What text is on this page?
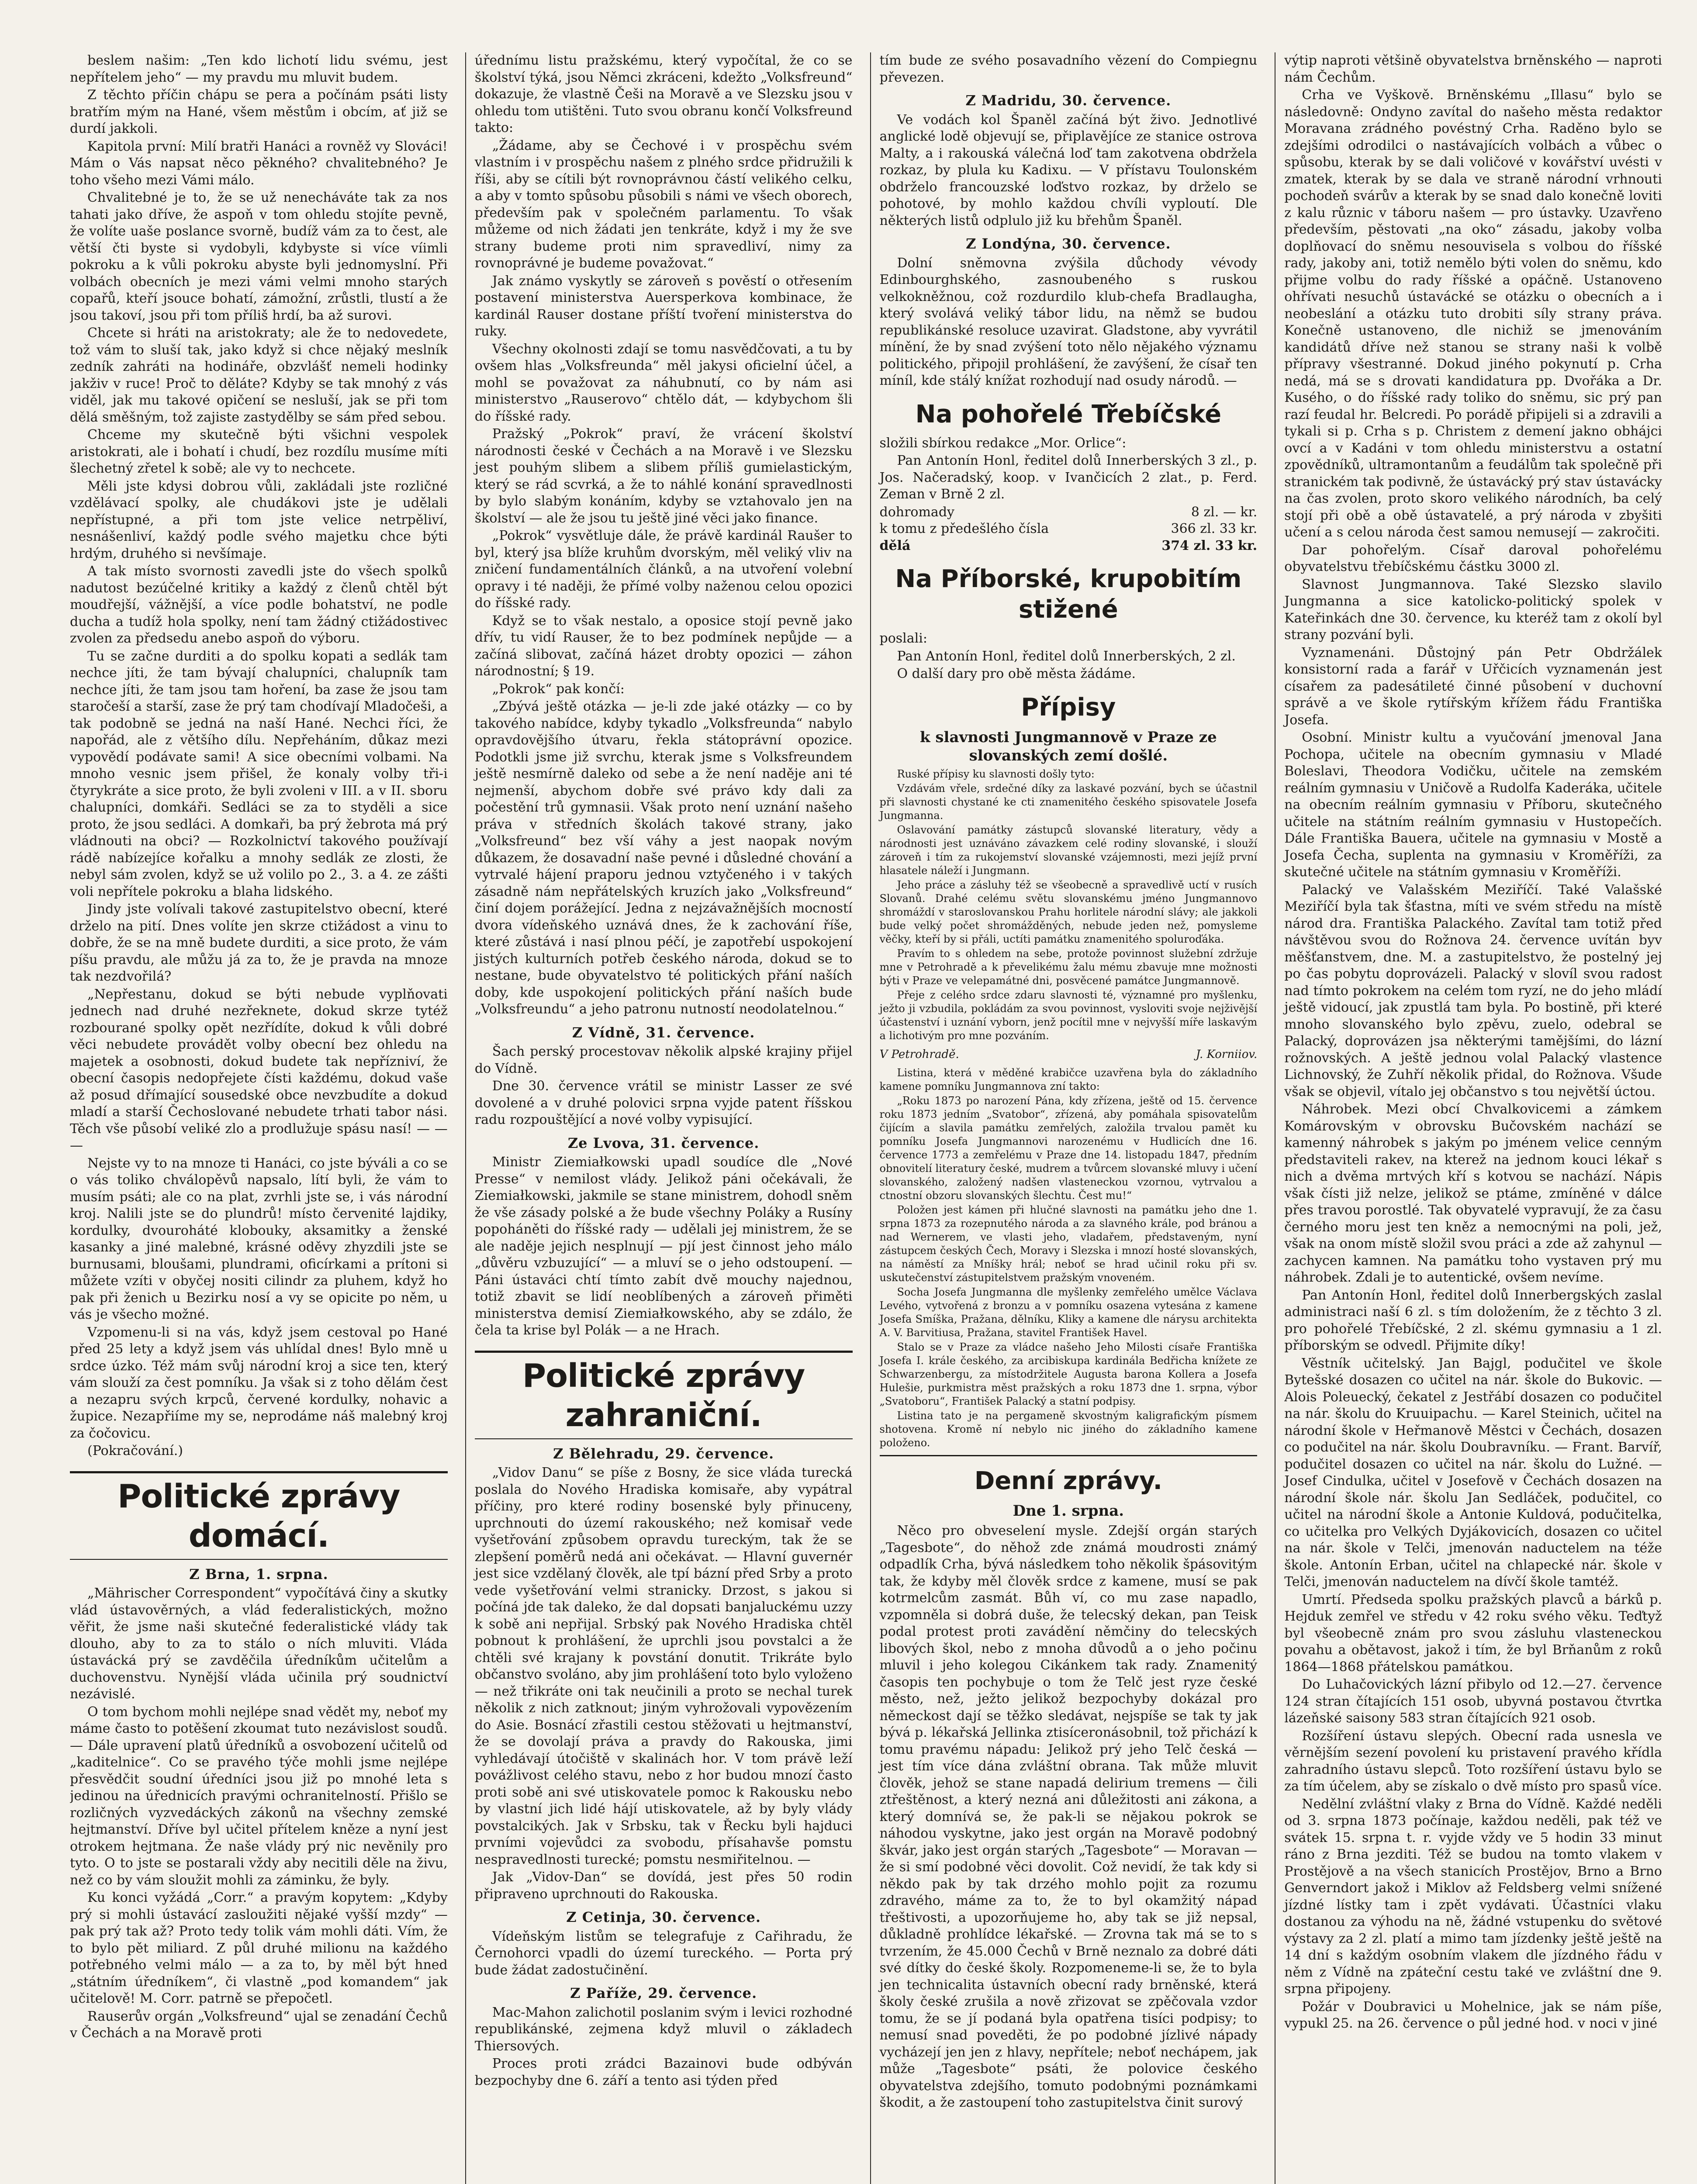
beslem našim: „Ten kdo lichotí lidu svému, jest nepřítelem jeho“ — my pravdu mu mluvit budem.

Z těchto příčin chápu se pera a počínám psáti listy bratřím mým na Hané, všem městům i obcím, ať již se durdí jakkoli.

Kapitola první: Milí bratři Hanáci a rovněž vy Slováci! Mám o Vás napsat něco pěkného? chvalitebného? Je toho všeho mezi Vámi málo.

Chvalitebné je to, že se už nenecháváte tak za nos tahati jako dříve, že aspoň v tom ohledu stojíte pevně, že volíte uaše poslance svorně, budíž vám za to čest, ale větší čti byste si vydobyli, kdybyste si více víimli pokroku a k vůli pokroku abyste byli jednomyslní. Při volbách obecních je mezi vámi velmi mnoho starých copařů, kteří jsouce bohatí, zámožní, zrůstli, tlustí a že jsou takoví, jsou při tom příliš hrdí, ba až surovi.

Chcete si hráti na aristokraty; ale že to nedovedete, tož vám to sluší tak, jako když si chce nějaký meslník zedník zahráti na hodináře, obzvlášť nemeli hodinky jakživ v ruce! Proč to děláte? Kdyby se tak mnohý z vás viděl, jak mu takové opičení se nesluší, jak se při tom dělá směšným, tož zajiste zastydělby se sám před sebou.

Chceme my skutečně býti všichni vespolek aristokrati, ale i bohatí i chudí, bez rozdílu musíme míti šlechetný zřetel k sobě; ale vy to nechcete.

Měli jste kdysi dobrou vůli, zakládali jste rozličné vzdělávací spolky, ale chudákovi jste je udělali nepřístupné, a při tom jste velice netrpěliví, nesnášenliví, každý podle svého majetku chce býti hrdým, druhého si nevšímaje.

A tak místo svornosti zavedli jste do všech spolků nadutost bezúčelné kritiky a každý z členů chtěl být moudřejší, vážnější, a více podle bohatství, ne podle ducha a tudíž hola spolky, není tam žádný ctižádostivec zvolen za předsedu anebo aspoň do výboru.

Tu se začne durditi a do spolku kopati a sedlák tam nechce jíti, že tam bývají chalupníci, chalupník tam nechce jíti, že tam jsou tam hoření, ba zase že jsou tam staročeší a starší, zase že prý tam chodívají Mladočeši, a tak podobně se jedná na naší Hané. Nechci říci, že napořád, ale z většího dílu. Nepřeháním, důkaz mezi vypovědí podávate sami! A sice obecními volbami. Na mnoho vesnic jsem přišel, že konaly volby tři-i čtyrykráte a sice proto, že byli zvoleni v III. a v II. sboru chalupníci, domkáři. Sedláci se za to styděli a sice proto, že jsou sedláci. A domkaři, ba prý žebrota má prý vládnouti na obci? — Rozkolnictví takového používají rádě nabízejíce kořalku a mnohy sedlák ze zlosti, že nebyl sám zvolen, když se už volilo po 2., 3. a 4. ze zášti voli nepřítele pokroku a blaha lidského.

Jindy jste volívali takové zastupitelstvo obecní, které drželo na pití. Dnes volíte jen skrze ctižádost a vinu to dobře, že se na mně budete durditi, a sice proto, že vám píšu pravdu, ale můžu já za to, že je pravda na mnoze tak nezdvořilá?

„Nepřestanu, dokud se býti nebude vyplňovati jednech nad druhé nezřeknete, dokud skrze tytéž rozbourané spolky opět nezřídíte, dokud k vůli dobré věci nebudete provádět volby obecní bez ohledu na majetek a osobnosti, dokud budete tak nepřízniví, že obecní časopis nedopřejete čísti každému, dokud vaše až posud dřímající sousedské obce nevzbudíte a dokud mladí a starší Čechoslované nebudete trhati tabor nási. Těch vše působí veliké zlo a prodlužuje spásu nasí! — — —

Nejste vy to na mnoze ti Hanáci, co jste býváli a co se o vás toliko chválopěvů napsalo, lítí byli, že vám to musím psáti; ale co na plat, zvrhli jste se, i vás národní kroj. Nalili jste se do plundrů! místo červenité lajdiky, kordulky, dvouroháté klobouky, aksamitky a ženské kasanky a jiné malebné, krásné oděvy zhyzdili jste se burnusami, bloušami, plundrami, oficírkami a prítoni si můžete vzíti v obyčej nositi cilindr za pluhem, když ho pak při ženich u Bezirku nosí a vy se opicite po něm, u vás je všecho možné.

Vzpomenu-li si na vás, když jsem cestoval po Hané před 25 lety a když jsem vás uhlídal dnes! Bylo mně u srdce úzko. Též mám svůj národní kroj a sice ten, který vám slouží za čest pomníku. Ja však si z toho dělám čest a nezapru svých krpců, červené kordulky, nohavic a župice. Nezapřiíme my se, neprodáme náš malebný kroj za čočovicu.

(Pokračování.)

Politické zprávy domácí.
Z Brna, 1. srpna.

„Mährischer Correspondent“ vypočítává činy a skutky vlád ústavověrných, a vlád federalistických, možno věřit, že jsme naši skutečné federalistické vlády tak dlouho, aby to za to stálo o ních mluviti. Vláda ústavácká prý se zavděčila úředníkům učitelům a duchovenstvu. Nynější vláda učinila prý soudnictví nezávislé.

O tom bychom mohli nejlépe snad vědět my, neboť my máme často to potěšení zkoumat tuto nezávislost soudů. — Dále upravení platů úředníků a osvobození učitelů od „kaditelnice“. Co se pravého týče mohli jsme nejlépe přesvědčit soudní úředníci jsou již po mnohé leta s jedinou na úřednicích pravými ochranitelností. Přišlo se rozličných vyzvedáckých zákonů na všechny zemské hejtmanství. Dříve byl učitel přítelem kněze a nyní jest otrokem hejtmana. Že naše vlády prý nic nevěnily pro tyto. O to jste se postarali vždy aby necitili děle na živu, než co by vám sloužit mohli za záminku, že byly.

Ku konci vyžádá „Corr.“ a pravým kopytem: „Kdyby prý si mohli ústavácí zasloužiti nějaké vyšší mzdy“ — pak prý tak až? Proto tedy tolik vám mohli dáti. Vím, že to bylo pět miliard. Z půl druhé milionu na každého potřebného velmi málo — a za to, by měl být hned „státním úředníkem“, či vlastně „pod komandem“ jak učitelově! M. Corr. patrně se přepočetl.

Rauserův orgán „Volksfreund“ ujal se zenadání Čechů v Čechách a na Moravě proti

úřednímu listu pražskému, který vypočítal, že co se školství týká, jsou Němci zkráceni, kdežto „Volksfreund“ dokazuje, že vlastně Češi na Moravě a ve Slezsku jsou v ohledu tom utištěni. Tuto svou obranu končí Volksfreund takto:

„Žádame, aby se Čechové i v prospěchu svém vlastním i v prospěchu našem z plného srdce přidružili k říši, aby se cítili být rovnoprávnou částí velikého celku, a aby v tomto spůsobu působili s námi ve všech oborech, především pak v společném parlamentu. To však můžeme od nich žádati jen tenkráte, když i my že sve strany budeme proti nim spravedliví, nimy za rovnoprávné je budeme považovat.“

Jak známo vyskytly se zároveň s pověstí o otřesením postavení ministerstva Auersperkova kombinace, že kardinál Rauser dostane příští tvoření ministerstva do ruky.

Všechny okolnosti zdají se tomu nasvědčovati, a tu by ovšem hlas „Volksfreunda“ měl jakysi oficielní účel, a mohl se považovat za náhubnutí, co by nám asi ministerstvo „Rauserovo“ chtělo dát, — kdybychom šli do říšské rady.

Pražský „Pokrok“ praví, že vrácení školství národnosti české v Čechách a na Moravě i ve Slezsku jest pouhým slibem a slibem příliš gumielastickým, který se rád scvrká, a že to náhlé konání spravedlnosti by bylo slabým konáním, kdyby se vztahovalo jen na školství — ale že jsou tu ještě jiné věci jako finance.

„Pokrok“ vysvětluje dále, že právě kardinál Raušer to byl, který jsa blíže kruhům dvorským, měl veliký vliv na zničení fundamentálních článků, a na utvoření volební opravy i té naději, že přímé volby naženou celou opozici do říšské rady.

Když se to však nestalo, a oposice stojí pevně jako dřív, tu vidí Rauser, že to bez podmínek nepůjde — a začíná slibovat, začíná házet drobty opozici — záhon národnostní; § 19.

„Pokrok“ pak končí:

„Zbývá ještě otázka — je-li zde jaké otázky — co by takového nabídce, kdyby tykadlo „Volksfreunda“ nabylo opravdovějšího útvaru, řekla státoprávní opozice. Podotkli jsme již svrchu, kterak jsme s Volksfreundem ještě nesmírně daleko od sebe a že není naděje ani té nejmenší, abychom dobře své právo kdy dali za počestění trů gymnasii. Však proto není uznání našeho práva v středních školách takové strany, jako „Volksfreund“ bez vší váhy a jest naopak novým důkazem, že dosavadní naše pevné i důsledné chování a vytrvalé hájení praporu jednou vztyčeného i v takých zásadně nám nepřátelských kruzích jako „Volksfreund“ činí dojem porážející. Jedna z nejzávažnějších mocností dvora vídeňského uznává dnes, že k zachování říše, které zůstává i nasí plnou péčí, je zapotřebí uspokojení jistých kulturních potřeb českého národa, dokud se to nestane, bude obyvatelstvo té politických přání naších doby, kde uspokojení politických přání naších bude „Volksfreundu“ a jeho patronu nutností neodolatelnou.“

Z Vídně, 31. července.

Šach perský procestovav několik alpské krajiny přijel do Vídně.

Dne 30. července vrátil se ministr Lasser ze své dovolené a v druhé polovici srpna vyjde patent říšskou radu rozpouštějící a nové volby vypisující.

Ze Lvova, 31. července.

Ministr Ziemiałkowski upadl soudíce dle „Nové Presse“ v nemilost vlády. Jelikož páni očekávali, že Ziemiałkowski, jakmile se stane ministrem, dohodl sněm že vše zásady polské a že bude všechny Poláky a Rusíny popoháněti do říšské rady — udělali jej ministrem, že se ale naděje jejich nesplnují — pjí jest činnost jeho málo „důvěru vzbuzující“ — a mluví se o jeho odstoupení. — Páni ústaváci chtí tímto zabít dvě mouchy najednou, totiž zbavit se lidí neoblíbených a zároveň přiměti ministerstva demisí Ziemiałkowského, aby se zdálo, že čela ta krise byl Polák — a ne Hrach.

Politické zprávy zahraniční.
Z Bělehradu, 29. července.

„Vidov Danu“ se píše z Bosny, že sice vláda turecká poslala do Nového Hradiska komisaře, aby vypátral příčiny, pro které rodiny bosenské byly přinuceny, uprchnouti do území rakouského; než komisař vede vyšetřování způsobem opravdu tureckým, tak že se zlepšení poměrů nedá ani očekávat. — Hlavní guvernér jest sice vzdělaný člověk, ale tpí bázní před Srby a proto vede vyšetřování velmi stranicky. Drzost, s jakou si počíná jde tak daleko, že dal dopsati banjaluckému uzzy k sobě ani nepřijal. Srbský pak Nového Hradiska chtěl pobnout k prohlášení, že uprchli jsou povstalci a že chtěli své krajany k povstání donutit. Trikráte bylo občanstvo svoláno, aby jim prohlášení toto bylo vyloženo — než třikráte oni tak neučinili a proto se nechal turek několik z nich zatknout; jiným vyhrožovali vypovězením do Asie. Bosnácí zřastili cestou stěžovati u hejtmanství, že se dovolají práva a pravdy do Rakouska, jimi vyhledávají útočiště v skalinách hor. V tom právě leží povážlivost celého stavu, nebo z hor budou mnozí často proti sobě ani své utiskovatele pomoc k Rakousku nebo by vlastní jich lidé hájí utiskovatele, až by byly vlády povstalcikých. Jak v Srbsku, tak v Řecku byli hajduci prvními vojevůdci za svobodu, přísahavše pomstu nespravedlnosti turecké; pomstu nesmiřitelnou. —

Jak „Vidov-Dan“ se dovídá, jest přes 50 rodin připraveno uprchnouti do Rakouska.

Z Cetinja, 30. července.

Vídeňským listům se telegrafuje z Cařihradu, že Černohorci vpadli do území tureckého. — Porta prý bude žádat zadostučinění.

Z Paříže, 29. července.

Mac-Mahon zalichotil poslanim svým i levici rozhodné republikánské, zejmena když mluvil o základech Thiersových.

Proces proti zrádci Bazainovi bude odbýván bezpochyby dne 6. září a tento asi týden před

tím bude ze svého posavadního vězení do Compiegnu převezen.

Z Madridu, 30. července.

Ve vodách kol Španěl začíná být živo. Jednotlivé anglické lodě objevují se, připlavějíce ze stanice ostrova Malty, a i rakouská válečná loď tam zakotvena obdržela rozkaz, by plula ku Kadixu. — V přístavu Toulonském obdrželo francouzské loďstvo rozkaz, by drželo se pohotové, by mohlo každou chvíli vyploutí. Dle některých listů odplulo již ku břehům Španěl.

Z Londýna, 30. července.

Dolní sněmovna zvýšila důchody vévody Edinbourghského, zasnoubeného s ruskou velkokněžnou, což rozdurdilo klub-chefa Bradlaugha, který svolává veliký tábor lidu, na němž se budou republikánské resoluce uzavirat. Gladstone, aby vyvrátil mínění, že by snad zvýšení toto nělo nějakého významu politického, připojil prohlášení, že zavýšení, že císař ten míníl, kde stálý knížat rozhodují nad osudy národů. —

Na pohořelé Třebíčské

složili sbírkou redakce „Mor. Orlice“:

Pan Antonín Honl, ředitel dolů Innerberských 3 zl., p. Jos. Načeradský, koop. v Ivančicích 2 zlat., p. Ferd. Zeman v Brně 2 zl.

dohromady	8 zl. — kr.
k tomu z předešlého čísla	366 zl. 33 kr.
dělá	374 zl. 33 kr.
Na Příborské, krupobitím stižené

poslali:

Pan Antonín Honl, ředitel dolů Innerberských, 2 zl.

O další dary pro obě města žádáme.

Přípisy
k slavnosti Jungmannově v Praze ze slovanských zemí došlé.

Ruské přípisy ku slavnosti došly tyto:

Vzdávám vřele, srdečné díky za laskavé pozvání, bych se účastnil při slavnosti chystané ke cti znamenitého českého spisovatele Josefa Jungmanna.

Oslavování památky zástupců slovanské literatury, vědy a národnosti jest uznáváno závazkem celé rodiny slovanské, i slouží zároveň i tím za rukojemství slovanské vzájemnosti, mezi jejíž první hlasatele náleží i Jungmann.

Jeho práce a zásluhy též se všeobecně a spravedlivě uctí v rusích Slovanů. Drahé celému světu slovanskému jméno Jungmannovo shromáždí v staroslovanskou Prahu horlitele národní slávy; ale jakkoli bude velký počet shromážděných, nebude jeden než, pomysleme věčky, kteří by si přáli, uctíti památku znamenitého spoluroďáka.

Pravím to s ohledem na sebe, protože povinnost služební zdržuje mne v Petrohradě a k převelikému žalu mému zbavuje mne možnosti býti v Praze ve velepamátné dni, posvěcené památce Jungmannově.

Přeje z celého srdce zdaru slavnosti té, významné pro myšlenku, ježto ji vzbudila, pokládám za svou povinnost, vysloviti svoje nejživější účastenství i uznání vyborn, jenž pocítil mne v nejvyšší míře laskavým a lichotivým pro mne pozváním.

V Petrohradě.	J. Korniiov.

Listina, která v měděné krabičce uzavřena byla do základního kamene pomníku Jungmannova zní takto:

„Roku 1873 po narození Pána, kdy zřízena, ještě od 15. července roku 1873 jedním „Svatobor“, zřízená, aby pomáhala spisovatelům čijícím a slavila památku zemřelých, založila trvalou pamět ku pomníku Josefa Jungmannovi narozenému v Hudlicích dne 16. července 1773 a zemřelému v Praze dne 14. listopadu 1847, předním obnovitelí literatury české, mudrem a tvůrcem slovanské mluvy i učení slovanského, založený nadšen vlasteneckou vzornou, vytrvalou a ctnostní obzoru slovanských šlechtu. Čest mu!“

Položen jest kámen při hlučné slavnosti na památku jeho dne 1. srpna 1873 za rozepnutého národa a za slavného krále, pod bránou a nad Wernerem, ve vlasti jeho, vladařem, představeným, nyní zástupcem českých Čech, Moravy i Slezska i mnozí hosté slovanských, na náměstí za Mníšky hrál; neboť se hrad učinil roku při sv. uskutečenství zástupitelstvem pražským vnoveném.

Socha Josefa Jungmanna dle myšlenky zemřelého umělce Václava Levého, vytvořená z bronzu a v pomníku osazena vytesána z kamene Josefa Smíška, Pražana, dělníku, Kliky a kamene dle nárysu architekta A. V. Barvitiusa, Pražana, stavitel František Havel.

Stalo se v Praze za vládce našeho Jeho Milosti císaře Františka Josefa I. krále českého, za arcibiskupa kardinála Bedřicha knížete ze Schwarzenbergu, za místodržitele Augusta barona Kollera a Josefa Hulešie, purkmistra měst pražských a roku 1873 dne 1. srpna, výbor „Svatoboru“, František Palacký a statní podpisy.

Listina tato je na pergameně skvostným kaligrafickým písmem shotovena. Kromě ní nebylo nic jiného do základního kamene položeno.

Denní zprávy.
Dne 1. srpna.

Něco pro obveselení mysle. Zdejší orgán starých „Tagesbote“, do něhož zde známá moudrosti známý odpadlík Crha, bývá následkem toho několik špásovitým tak, že kdyby měl člověk srdce z kamene, musí se pak kotrmelcům zasmát. Bůh ví, co mu zase napadlo, vzpomněla si dobrá duše, že telecský dekan, pan Teisk podal protest proti zavádění němčiny do telecských libových škol, nebo z mnoha důvodů a o jeho počinu mluvil i jeho kolegou Cikánkem tak rady. Znamenitý časopis ten pochybuje o tom že Telč jest ryze české město, než, ježto jelikož bezpochyby dokázal pro německost dají se těžko sledávat, nejspíše se tak ty jak bývá p. lékařská Jellinka ztisíceronásobnil, tož přichází k tomu pravému nápadu: Jelikož prý jeho Telč česká — jest tím více dána zvláštní obrana. Tak může mluvit člověk, jehož se stane napadá delirium tremens — čili ztřeštěnost, a který nezná ani důležitosti ani zákona, a který domnívá se, že pak-li se nějakou pokrok se náhodou vyskytne, jako jest orgán na Moravě podobný škvár, jako jest orgán starých „Tagesbote“ — Moravan — že si smí podobné věci dovolit. Což nevidí, že tak kdy si někdo pak by tak drzého mohlo pojit za rozumu zdravého, máme za to, že to byl okamžitý nápad třeštivosti, a upozorňujeme ho, aby tak se již nepsal, důkladně prohlídce lékařské. — Zrovna tak má se to s tvrzením, že 45.000 Čechů v Brně neznalo za dobré dáti své dítky do české školy. Rozpomeneme-li se, že to byla jen technicalita ústavních obecní rady brněnské, která školy české zrušila a nově zřizovat se zpěčovala vzdor tomu, že se jí podaná byla opatřena tisíci podpisy; to nemusí snad poveděti, že po podobné jízlivé nápady vycházejí jen jen z hlavy, nepřítele; neboť nechápem, jak může „Tagesbote“ psáti, že polovice českého obyvatelstva zdejšího, tomuto podobnými poznámkami škodit, a že zastoupení toho zastupitelstva činit surový

výtip naproti většině obyvatelstva brněnského — naproti nám Čechům.

Crha ve Vyškově. Brněnskému „Illasu“ bylo se následovně: Ondyno zavítal do našeho města redaktor Moravana zrádného povéstný Crha. Raděno bylo se zdejšími odrodilci o nastávajících volbách a vůbec o spůsobu, kterak by se dali voličové v kovářství uvésti v zmatek, kterak by se dala ve straně národní vrhnouti pochodeň svárův a kterak by se snad dalo konečně loviti z kalu různic v táboru našem — pro ústavky. Uzavřeno především, pěstovati „na oko“ zásadu, jakoby volba doplňovací do sněmu nesouvisela s volbou do říšské rady, jakoby ani, totiž nemělo býti volen do sněmu, kdo přijme volbu do rady říšské a opáčně. Ustanoveno ohřívati nesuchů ústavácké se otázku o obecních a i neobeslání a otázku tuto drobiti síly strany práva. Konečně ustanoveno, dle nichiž se jmenováním kandidátů dříve než stanou se strany naši k volbě přípravy všestranné. Dokud jiného pokynutí p. Crha nedá, má se s drovati kandidatura pp. Dvořáka a Dr. Kusého, o do říšské rady toliko do sněmu, sic prý pan razí feudal hr. Belcredi. Po porádě připijeli si a zdravili a tykali si p. Crha s p. Christem z demení jakno obhájci ovcí a v Kadáni v tom ohledu ministerstvu a ostatní zpovědníků, ultramontanům a feudálům tak společně při stranickém tak podivně, že ústavácký prý stav ústavácky na čas zvolen, proto skoro velikého národních, ba celý stojí při obě a obě ústavatelé, a prý národa v zbyšiti učení a s celou národa čest samou nemusejí — zakročiti.

Dar pohořelým. Císař daroval pohořelému obyvatelstvu třebíčskému částku 3000 zl.

Slavnost Jungmannova. Také Slezsko slavilo Jungmanna a sice katolicko-politický spolek v Kateřinkách dne 30. července, ku kteréž tam z okolí byl strany pozvání byli.

Vyznamenáni. Důstojný pán Petr Obdržálek konsistorní rada a farář v Uřčicích vyznamenán jest císařem za padesátileté činné působení v duchovní správě a ve škole rytířským křížem řádu Františka Josefa.

Osobní. Ministr kultu a vyučování jmenoval Jana Pochopa, učitele na obecním gymnasiu v Mladé Boleslavi, Theodora Vodičku, učitele na zemském reálním gymnasiu v Uničově a Rudolfa Kaderáka, učitele na obecním reálním gymnasiu v Příboru, skutečného učitele na státním reálním gymnasiu v Hustopečích. Dále Františka Bauera, učitele na gymnasiu v Mostě a Josefa Čecha, suplenta na gymnasiu v Kroměříži, za skutečné učitele na státním gymnasiu v Kroměříži.

Palacký ve Valašském Meziříčí. Také Valašské Meziříčí byla tak šťastna, míti ve svém středu na místě národ dra. Františka Palackého. Zavítal tam totiž před návštěvou svou do Rožnova 24. července uvítán byv měšťanstvem, dne. M. a zastupitelstvo, že postelný jej po čas pobytu doprovázeli. Palacký v slovíl svou radost nad tímto pokrokem na celém tom ryzí, ne do jeho mládí ještě vidoucí, jak zpustlá tam byla. Po bostině, při které mnoho slovanského bylo zpěvu, zuelo, odebral se Palacký, doprovázen jsa některými tamějšími, do lázní rožnovských. A ještě jednou volal Palacký vlastence Lichnovský, že Zuhří několik přidal, do Rožnova. Všude však se objevil, vítalo jej občanstvo s tou největší úctou.

Náhrobek. Mezi obcí Chvalkovicemi a zámkem Komárovským v obrovsku Bučovském nachází se kamenný náhrobek s jakým po jménem velice cenným představiteli rakev, na kterež na jednom kouci lékař s nich a dvěma mrtvých kří s kotvou se nachází. Nápis však čísti již nelze, jelikož se ptáme, zmíněné v dálce přes travou porostlé. Tak obyvatelé vypravují, že za času černého moru jest ten kněz a nemocnými na poli, jež, však na onom místě složil svou práci a zde až zahynul — zachycen kamnen. Na památku toho vystaven prý mu náhrobek. Zdali je to autentické, ovšem nevíme.

Pan Antonín Honl, ředitel dolů Innerbergských zaslal administraci naší 6 zl. s tím doložením, že z těchto 3 zl. pro pohořelé Třebíčské, 2 zl. skému gymnasiu a 1 zl. příborským se odvedl. Přijmite díky!

Věstník učitelský. Jan Bajgl, podučitel ve škole Bytešské dosazen co učitel na nár. škole do Bukovic. — Alois Poleuecký, čekatel z Jestřábí dosazen co podučitel na nár. školu do Kruuipachu. — Karel Steinich, učitel na národní škole v Heřmanově Městci v Čechách, dosazen co podučitel na nár. školu Doubravníku. — Frant. Barvíř, podučitel dosazen co učitel na nár. školu do Lužné. — Josef Cindulka, učitel v Josefově v Čechách dosazen na národní škole nár. školu Jan Sedláček, podučitel, co učitel na národní škole a Antonie Kuldová, podučitelka, co učitelka pro Velkých Dyjákovicích, dosazen co učitel na nár. škole v Telči, jmenován naductelem na téže škole. Antonín Erban, učitel na chlapecké nár. škole v Telči, jmenován naductelem na dívčí škole tamtéž.

Umrtí. Předseda spolku pražských plavců a bárků p. Hejduk zemřel ve středu v 42 roku svého věku. Teďtyž byl všeobecně znám pro svou zásluhu vlasteneckou povahu a obětavost, jakož i tím, že byl Brňanům z roků 1864—1868 přátelskou památkou.

Do Luhačovických lázní přibylo od 12.—27. července 124 stran čítajících 151 osob, ubyvná postavou čtvrtka lázeňské saisony 583 stran čítajících 921 osob.

Rozšíření ústavu slepých. Obecní rada usnesla ve věrnějším sezení povolení ku pristavení pravého křídla zahradního ústavu slepců. Toto rozšíření ústavu bylo se za tím účelem, aby se získalo o dvě místo pro spasů více.

Nedělní zvláštní vlaky z Brna do Vídně. Každé neděli od 3. srpna 1873 počínaje, každou neděli, pak též ve svátek 15. srpna t. r. vyjde vždy ve 5 hodin 33 minut ráno z Brna jezditi. Též se budou na tomto vlakem v Prostějově a na všech stanicích Prostějov, Brno a Brno Genverndort jakož i Miklov až Feldsberg velmi snížené jízdné lístky tam i zpět vydávati. Účastníci vlaku dostanou za výhodu na ně, žádné vstupenku do světové výstavy za 2 zl. platí a mimo tam jízdenky ještě ještě na 14 dní s každým osobním vlakem dle jízdného řádu v něm z Vídně na zpáteční cestu také ve zvláštní dne 9. srpna připojeny.

Požár v Doubravici u Mohelnice, jak se nám píše, vypukl 25. na 26. července o půl jedné hod. v noci v jiné
